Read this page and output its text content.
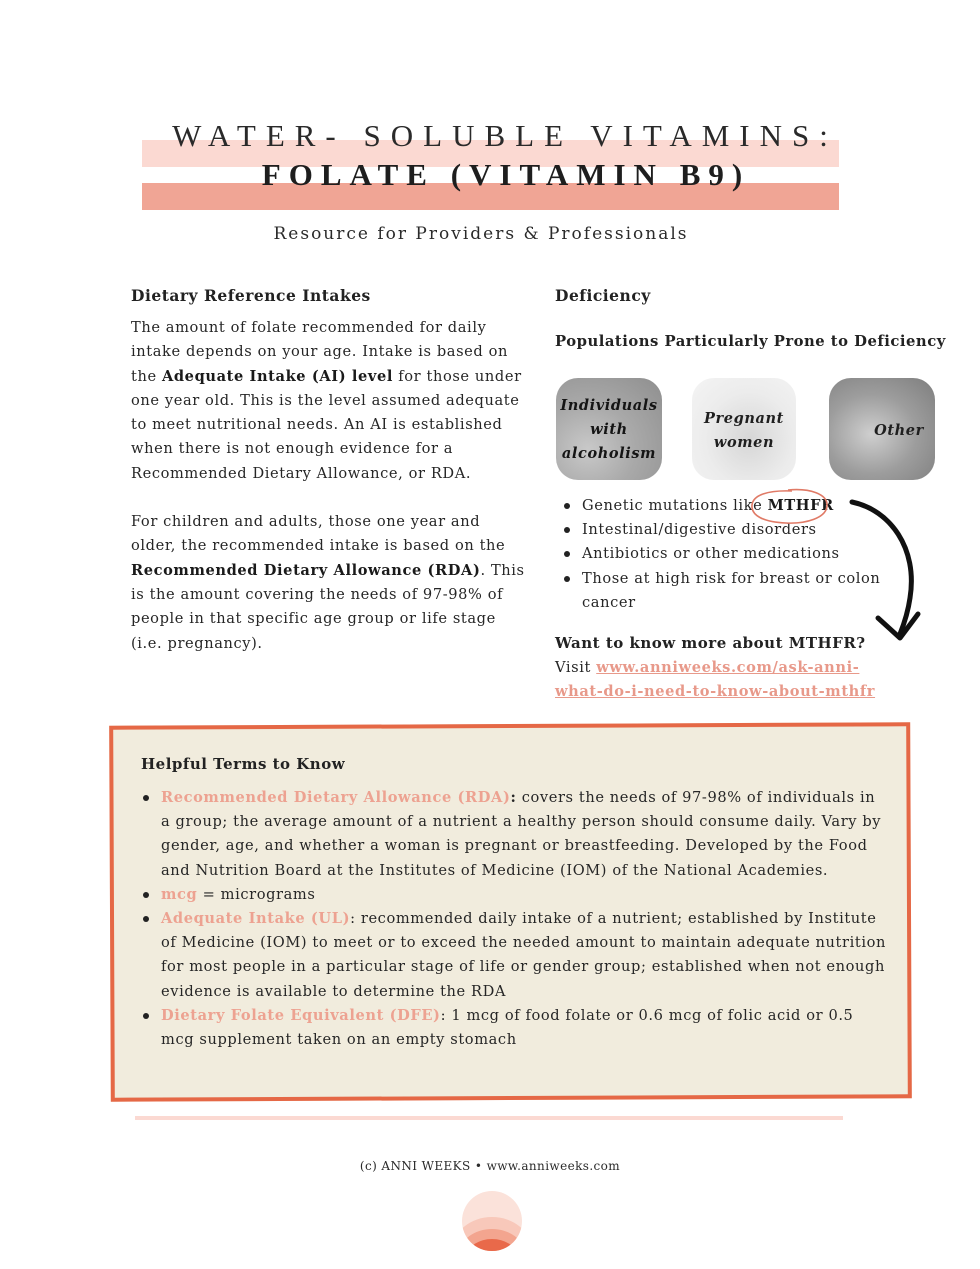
WATER- SOLUBLE VITAMINS:
FOLATE (VITAMIN B9)
Resource for Providers & Professionals
Dietary Reference Intakes

The amount of folate recommended for daily intake depends on your age. Intake is based on the Adequate Intake (AI) level for those under one year old. This is the level assumed adequate to meet nutritional needs. An AI is established when there is not enough evidence for a Recommended Dietary Allowance, or RDA.

For children and adults, those one year and older, the recommended intake is based on the Recommended Dietary Allowance (RDA). This is the amount covering the needs of 97-98% of people in that specific age group or life stage (i.e. pregnancy).

Deficiency
Populations Particularly Prone to Deficiency
Individuals
with
alcoholism
Pregnant
women
Other
Genetic mutations like MTHFR
Intestinal/digestive disorders
Antibiotics or other medications
Those at high risk for breast or colon cancer
Want to know more about MTHFR?
Visit www.anniweeks.com/ask-anni-
what-do-i-need-to-know-about-mthfr
Helpful Terms to Know
Recommended Dietary Allowance (RDA): covers the needs of 97-98% of individuals in a group; the average amount of a nutrient a healthy person should consume daily. Vary by gender, age, and whether a woman is pregnant or breastfeeding. Developed by the Food and Nutrition Board at the Institutes of Medicine (IOM) of the National Academies.
mcg = micrograms
Adequate Intake (UL): recommended daily intake of a nutrient; established by Institute of Medicine (IOM) to meet or to exceed the needed amount to maintain adequate nutrition for most people in a particular stage of life or gender group; established when not enough evidence is available to determine the RDA
Dietary Folate Equivalent (DFE): 1 mcg of food folate or 0.6 mcg of folic acid or 0.5 mcg supplement taken on an empty stomach
(c) ANNI WEEKS • www.anniweeks.com
